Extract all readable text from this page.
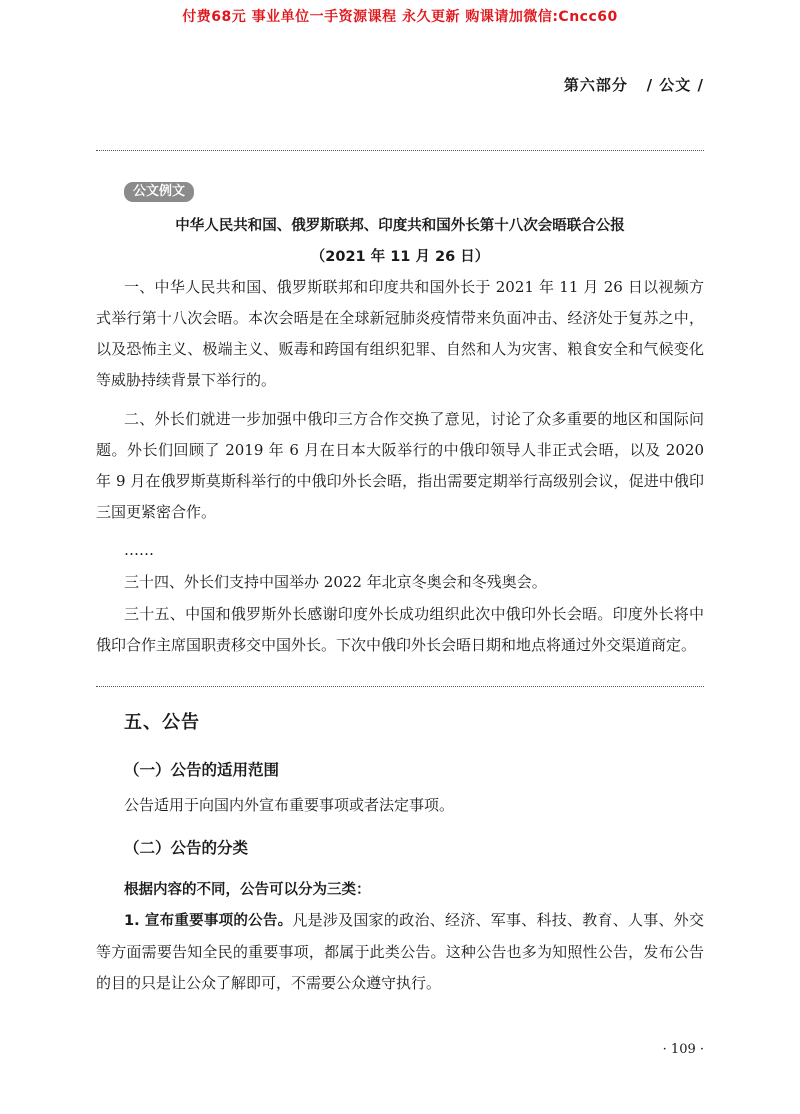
付费68元 事业单位一手资源课程 永久更新 购课请加微信:Cncc60
第六部分 / 公文 /
公文例文
中华人民共和国、俄罗斯联邦、印度共和国外长第十八次会晤联合公报
（2021 年 11 月 26 日）
一、中华人民共和国、俄罗斯联邦和印度共和国外长于 2021 年 11 月 26 日以视频方式举行第十八次会晤。本次会晤是在全球新冠肺炎疫情带来负面冲击、经济处于复苏之中，以及恐怖主义、极端主义、贩毒和跨国有组织犯罪、自然和人为灾害、粮食安全和气候变化等威胁持续背景下举行的。
二、外长们就进一步加强中俄印三方合作交换了意见，讨论了众多重要的地区和国际问题。外长们回顾了 2019 年 6 月在日本大阪举行的中俄印领导人非正式会晤，以及 2020 年 9 月在俄罗斯莫斯科举行的中俄印外长会晤，指出需要定期举行高级别会议，促进中俄印三国更紧密合作。
……
三十四、外长们支持中国举办 2022 年北京冬奥会和冬残奥会。
三十五、中国和俄罗斯外长感谢印度外长成功组织此次中俄印外长会晤。印度外长将中俄印合作主席国职责移交中国外长。下次中俄印外长会晤日期和地点将通过外交渠道商定。
五、公告
（一）公告的适用范围
公告适用于向国内外宣布重要事项或者法定事项。
（二）公告的分类
根据内容的不同，公告可以分为三类：
1. 宣布重要事项的公告。凡是涉及国家的政治、经济、军事、科技、教育、人事、外交等方面需要告知全民的重要事项，都属于此类公告。这种公告也多为知照性公告，发布公告的目的只是让公众了解即可，不需要公众遵守执行。
· 109 ·
